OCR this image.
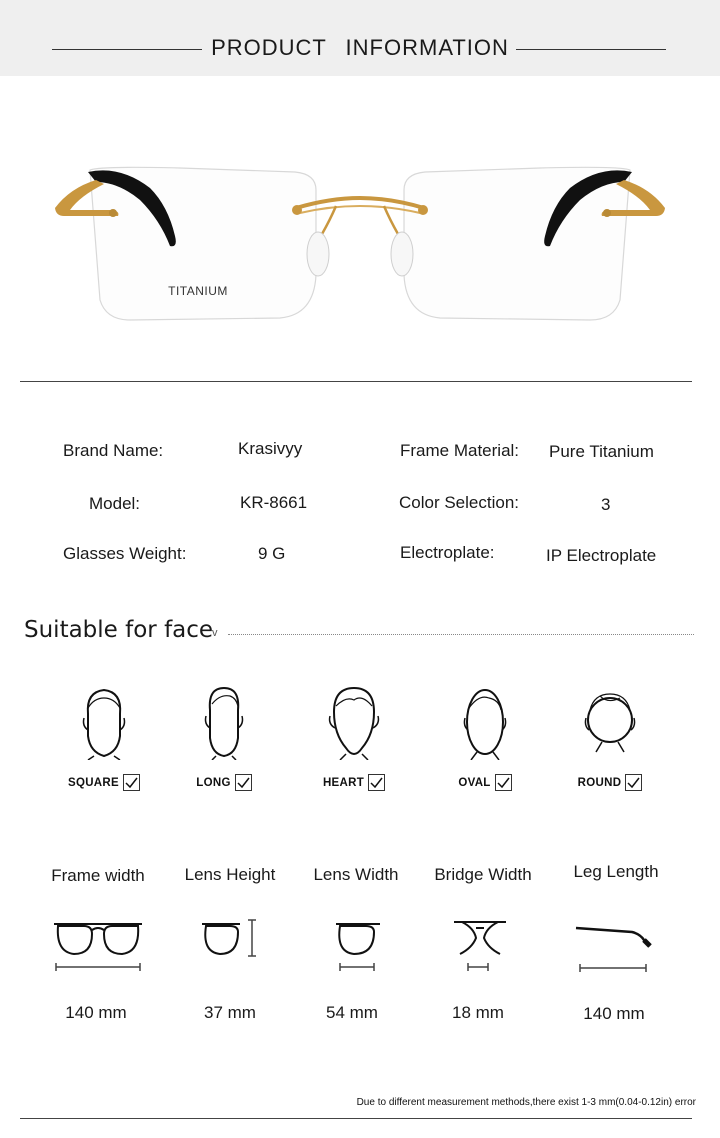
PRODUCT INFORMATION
TITANIUM
Brand Name:	Krasivyy	Frame Material: Pure Titanium
Model:	KR-8661	Color Selection:	3
Glasses Weight:	9 G	Electroplate:	IP Electroplate
Suitable for face
v
SQUARE	LONG	HEART	OVAL	ROUND
Frame width	Lens Height	Lens Width	Bridge Width	Leg Length
140 mm	37 mm	54 mm	18 mm	140 mm
Due to different measurement methods,there exist 1-3 mm(0.04-0.12in) error
